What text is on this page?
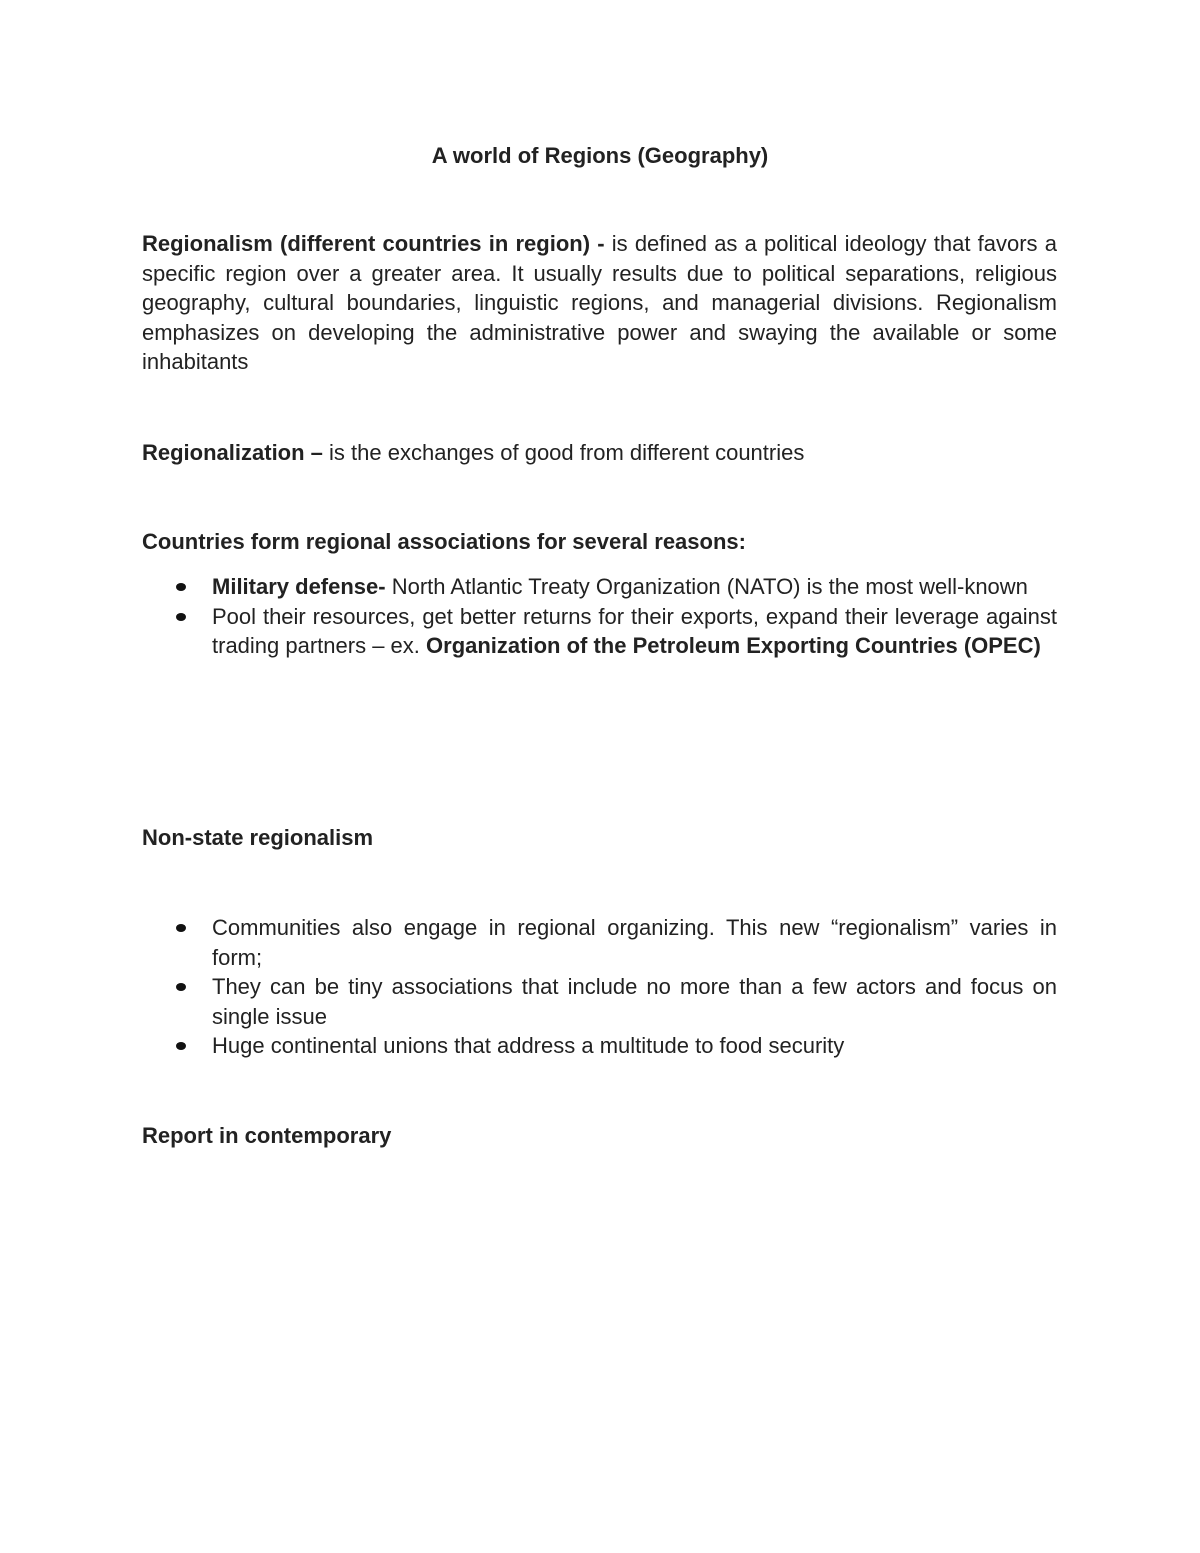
A world of Regions (Geography)

Regionalism (different countries in region) - is defined as a political ideology that favors a specific region over a greater area. It usually results due to political separations, religious geography, cultural boundaries, linguistic regions, and managerial divisions. Regionalism emphasizes on developing the administrative power and swaying the available or some inhabitants

Regionalization – is the exchanges of good from different countries

Countries form regional associations for several reasons:

Military defense- North Atlantic Treaty Organization (NATO) is the most well-known
Pool their resources, get better returns for their exports, expand their leverage against trading partners – ex. Organization of the Petroleum Exporting Countries (OPEC)

Non-state regionalism

Communities also engage in regional organizing. This new “regionalism” varies in form;
They can be tiny associations that include no more than a few actors and focus on single issue
Huge continental unions that address a multitude to food security

Report in contemporary
